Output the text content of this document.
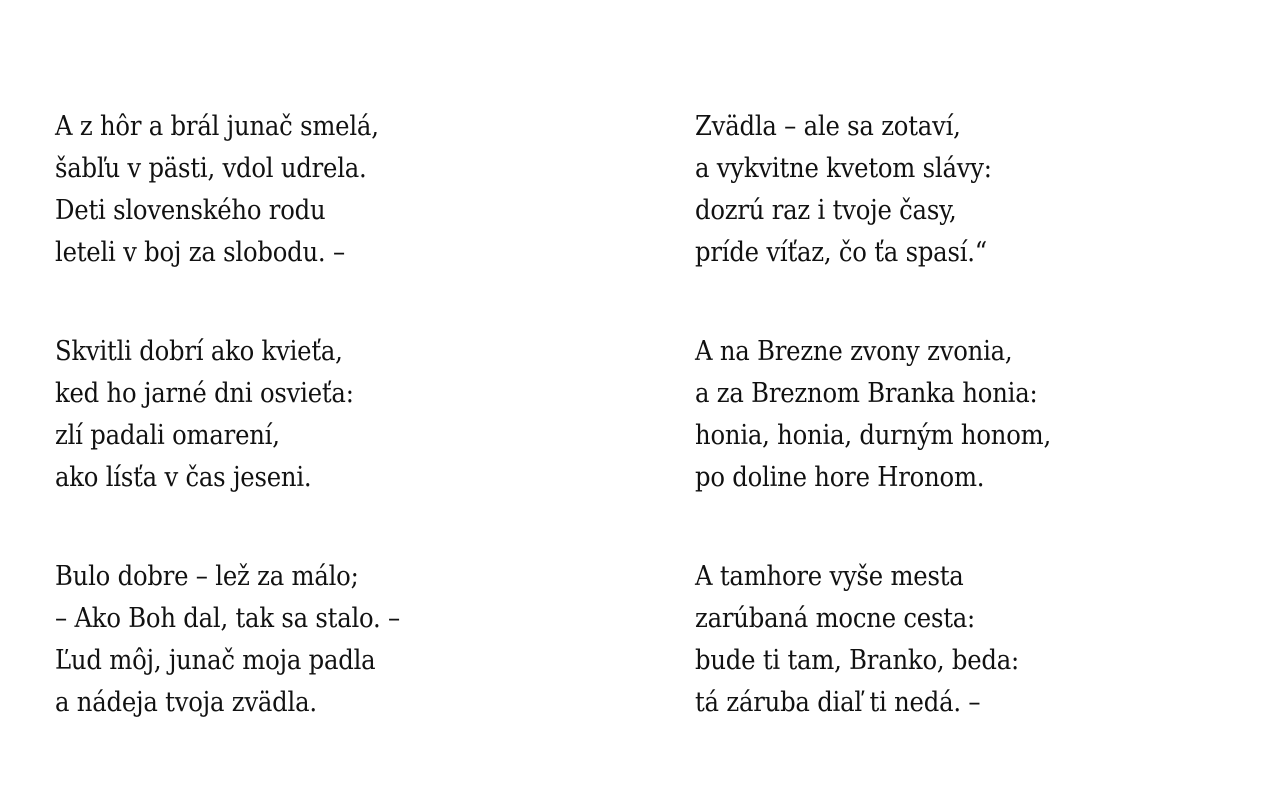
A z hôr a brál junač smelá,
šabľu v pästi, vdol udrela.
Deti slovenského rodu
leteli v boj za slobodu. –
Skvitli dobrí ako kvieťa,
ked ho jarné dni osvieťa:
zlí padali omarení,
ako lísťa v čas jeseni.
Bulo dobre – lež za málo;
– Ako Boh dal, tak sa stalo. –
Ľud môj, junač moja padla
a nádeja tvoja zvädla.
Zvädla – ale sa zotaví,
a vykvitne kvetom slávy:
dozrú raz i tvoje časy,
príde víťaz, čo ťa spasí.“
A na Brezne zvony zvonia,
a za Breznom Branka honia:
honia, honia, durným honom,
po doline hore Hronom.
A tamhore vyše mesta
zarúbaná mocne cesta:
bude ti tam, Branko, beda:
tá záruba diaľ ti nedá. –
